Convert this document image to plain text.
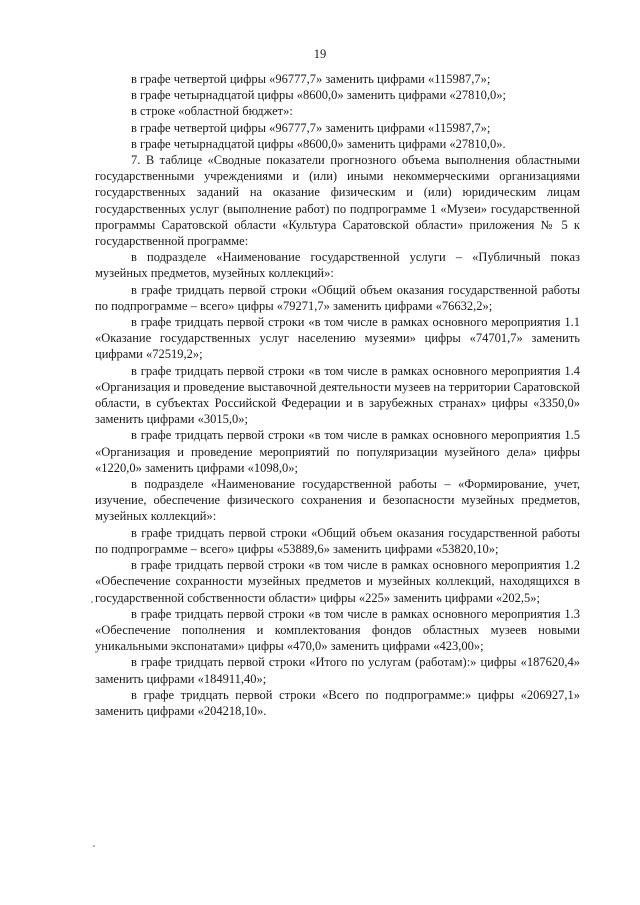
19

в графе четвертой цифры «96777,7» заменить цифрами «115987,7»;

в графе четырнадцатой цифры «8600,0» заменить цифрами «27810,0»;

в строке «областной бюджет»:

в графе четвертой цифры «96777,7» заменить цифрами «115987,7»;

в графе четырнадцатой цифры «8600,0» заменить цифрами «27810,0».

7. В таблице «Сводные показатели прогнозного объема выполнения областными государственными учреждениями и (или) иными некоммерческими организациями государственных заданий на оказание физическим и (или) юридическим лицам государственных услуг (выполнение работ) по подпрограмме 1 «Музеи» государственной программы Саратовской области «Культура Саратовской области» приложения № 5 к государственной программе:

в подразделе «Наименование государственной услуги – «Публичный показ музейных предметов, музейных коллекций»:

в графе тридцать первой строки «Общий объем оказания государственной работы по подпрограмме – всего» цифры «79271,7» заменить цифрами «76632,2»;

в графе тридцать первой строки «в том числе в рамках основного мероприятия 1.1 «Оказание государственных услуг населению музеями» цифры «74701,7» заменить цифрами «72519,2»;

в графе тридцать первой строки «в том числе в рамках основного мероприятия 1.4 «Организация и проведение выставочной деятельности музеев на территории Саратовской области, в субъектах Российской Федерации и в зарубежных странах» цифры «3350,0» заменить цифрами «3015,0»;

в графе тридцать первой строки «в том числе в рамках основного мероприятия 1.5 «Организация и проведение мероприятий по популяризации музейного дела» цифры «1220,0» заменить цифрами «1098,0»;

в подразделе «Наименование государственной работы – «Формирование, учет, изучение, обеспечение физического сохранения и безопасности музейных предметов, музейных коллекций»:

в графе тридцать первой строки «Общий объем оказания государственной работы по подпрограмме – всего» цифры «53889,6» заменить цифрами «53820,10»;

в графе тридцать первой строки «в том числе в рамках основного мероприятия 1.2 «Обеспечение сохранности музейных предметов и музейных коллекций, находящихся в государственной собственности области» цифры «225» заменить цифрами «202,5»;

в графе тридцать первой строки «в том числе в рамках основного мероприятия 1.3 «Обеспечение пополнения и комплектования фондов областных музеев новыми уникальными экспонатами» цифры «470,0» заменить цифрами «423,00»;

в графе тридцать первой строки «Итого по услугам (работам):» цифры «187620,4» заменить цифрами «184911,40»;

в графе тридцать первой строки «Всего по подпрограмме:» цифры «206927,1» заменить цифрами «204218,10».
